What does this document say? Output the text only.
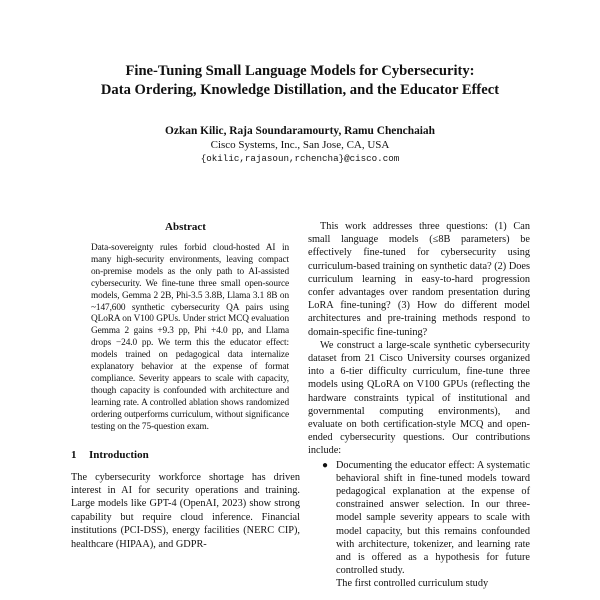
Fine-Tuning Small Language Models for Cybersecurity:
Data Ordering, Knowledge Distillation, and the Educator Effect
Ozkan Kilic, Raja Soundaramourty, Ramu Chenchaiah
Cisco Systems, Inc., San Jose, CA, USA
{okilic,rajasoun,rchencha}@cisco.com
Abstract
Data-sovereignty rules forbid cloud-hosted AI in many high-security environments, leaving compact on-premise models as the only path to AI-assisted cybersecurity. We fine-tune three small open-source models, Gemma 2 2B, Phi-3.5 3.8B, Llama 3.1 8B on ~147,600 synthetic cybersecurity QA pairs using QLoRA on V100 GPUs. Under strict MCQ evaluation Gemma 2 gains +9.3 pp, Phi +4.0 pp, and Llama drops −24.0 pp. We term this the educator effect: models trained on pedagogical data internalize explanatory behavior at the expense of format compliance. Severity appears to scale with capacity, though capacity is confounded with architecture and learning rate. A controlled ablation shows randomized ordering outperforms curriculum, without significance testing on the 75-question exam.
1 Introduction
The cybersecurity workforce shortage has driven interest in AI for security operations and training. Large models like GPT-4 (OpenAI, 2023) show strong capability but require cloud inference. Financial institutions (PCI-DSS), energy facilities (NERC CIP), healthcare (HIPAA), and GDPR-
This work addresses three questions: (1) Can small language models (≤8B parameters) be effectively fine-tuned for cybersecurity using curriculum-based training on synthetic data? (2) Does curriculum learning in easy-to-hard progression confer advantages over random presentation during LoRA fine-tuning? (3) How do different model architectures and pre-training methods respond to domain-specific fine-tuning?
We construct a large-scale synthetic cybersecurity dataset from 21 Cisco University courses organized into a 6-tier difficulty curriculum, fine-tune three models using QLoRA on V100 GPUs (reflecting the hardware constraints typical of institutional and governmental computing environments), and evaluate on both certification-style MCQ and open-ended cybersecurity questions. Our contributions include:
● Documenting the educator effect: A systematic behavioral shift in fine-tuned models toward pedagogical explanation at the expense of constrained answer selection. In our three-model sample severity appears to scale with model capacity, but this remains confounded with architecture, tokenizer, and learning rate and is offered as a hypothesis for future controlled study.
The first controlled curriculum study
